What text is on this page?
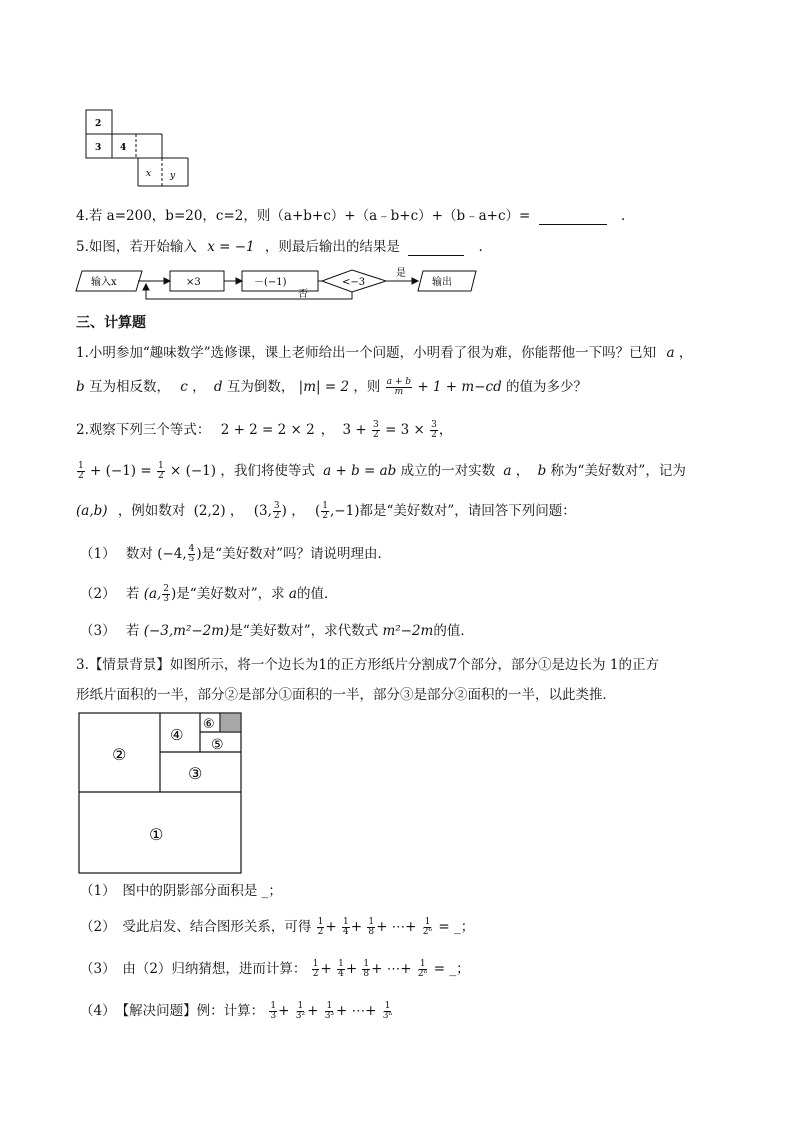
2
3 4
x y
4.若 a=200，b=20，c=2，则（a+b+c）+（a﹣b+c）+（b﹣a+c）=	.
5.如图，若开始输入 x = −1 ，则最后输出的结果是	.
输入x	×3	－(−1)	<−3
是
否
输出
三、计算题
1.小明参加“趣味数学”选修课，课上老师给出一个问题，小明看了很为难，你能帮他一下吗？已知 a ，
b 互为相反数， c ， d 互为倒数， |m| = 2 ，则 $\frac{a + b}{m} + 1 + m-cd$ 的值为多少？
2.观察下列三个等式： 2 + 2 = 2 × 2 ， $3 + \frac{3}{2} = 3 \times \frac{3}{2}$ ，
$\frac{1}{2} + (-1) = \frac{1}{2} \times (-1)$ ，我们将使等式 a + b = ab 成立的一对实数 a ， b 称为“美好数对”，记为
(a,b) ，例如数对 (2,2) ， (3, $\frac{3}{2}$ ) ， ( $\frac{1}{2} ,-1$)都是“美好数对”，请回答下列问题：
（1） 数对 (−4, $\frac{4}{5}$ )是“美好数对”吗？请说明理由．
（2） 若 (a, $\frac{2}{3}$ )是“美好数对”，求 a的值．
（3） 若 (−3,m²−2m)是“美好数对”，求代数式 m²−2m的值．
3.【情景背景】如图所示，将一个边长为1的正方形纸片分割成7个部分，部分①是边长为 1的正方
形纸片面积的一半，部分②是部分①面积的一半，部分③是部分②面积的一半，以此类推．
①
②
③
④
⑤
⑥
（1）　图中的阴影部分面积是 _；
（2）　受此启发、结合图形关系，可得 $\frac{1}{2} + \frac{1}{4} + \frac{1}{8}$ + ⋯+ $\frac{1}{\text{2⁶}}$ = _；
（3）　由（2）归纳猜想，进而计算： $\frac{1}{2} + \frac{1}{4} + \frac{1}{8}$ + ⋯+ $\frac{1}{\text{2ⁿ}}$ = _；
（4）　【解决问题】例：计算： $\frac{1}{3} + \frac{1}{\text{3²}} + \frac{1}{\text{3³}}$ + ⋯+ $\frac{1}{\text{3ⁿ}}$
